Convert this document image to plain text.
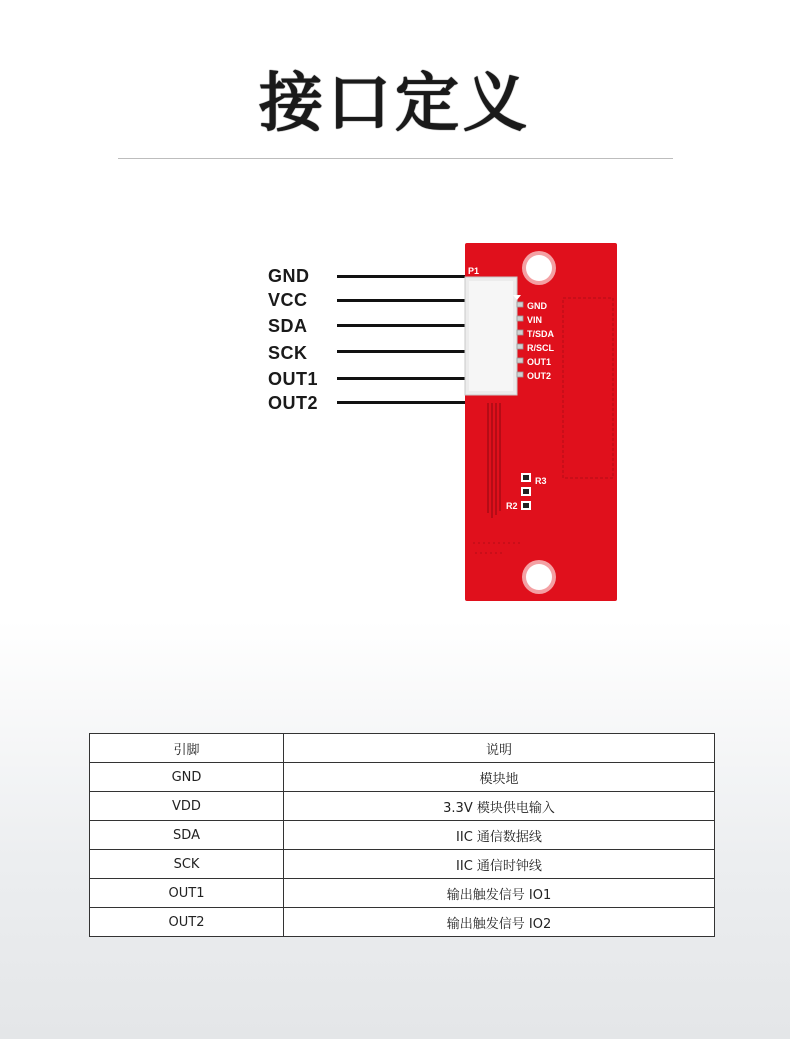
接口定义
GND
VCC
SDA
SCK
OUT1
OUT2
P1
GND
VIN
T/SDA
R/SCL
OUT1
OUT2
R3
R2
引脚	说明
GND	模块地
VDD	3.3V 模块供电输入
SDA	IIC 通信数据线
SCK	IIC 通信时钟线
OUT1	输出触发信号 IO1
OUT2	输出触发信号 IO2
